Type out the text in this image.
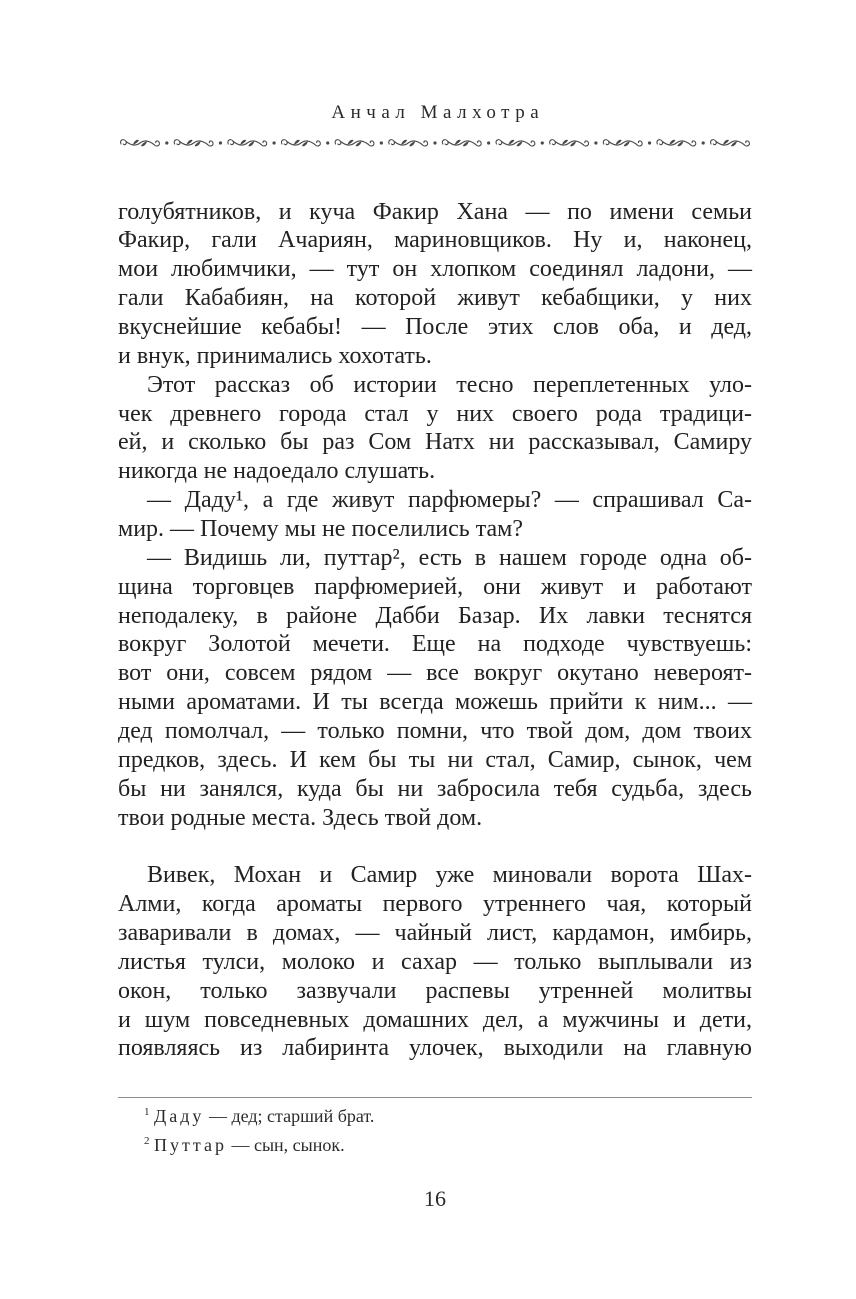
Анчал Малхотра
голубятников, и куча Факир Хана — по имени семьи
Факир, гали Ачариян, мариновщиков. Ну и, наконец,
мои любимчики, — тут он хлопком соединял ладони, —
гали Кабабиян, на которой живут кебабщики, у них
вкуснейшие кебабы! — После этих слов оба, и дед,
и внук, принимались хохотать.
Этот рассказ об истории тесно переплетенных уло-
чек древнего города стал у них своего рода традици-
ей, и сколько бы раз Сом Натх ни рассказывал, Самиру
никогда не надоедало слушать.
— Даду¹, а где живут парфюмеры? — спрашивал Са-
мир. — Почему мы не поселились там?
— Видишь ли, путтар², есть в нашем городе одна об-
щина торговцев парфюмерией, они живут и работают
неподалеку, в районе Дабби Базар. Их лавки теснятся
вокруг Золотой мечети. Еще на подходе чувствуешь:
вот они, совсем рядом — все вокруг окутано невероят-
ными ароматами. И ты всегда можешь прийти к ним... —
дед помолчал, — только помни, что твой дом, дом твоих
предков, здесь. И кем бы ты ни стал, Самир, сынок, чем
бы ни занялся, куда бы ни забросила тебя судьба, здесь
твои родные места. Здесь твой дом.
Вивек, Мохан и Самир уже миновали ворота Шах-
Алми, когда ароматы первого утреннего чая, который
заваривали в домах, — чайный лист, кардамон, имбирь,
листья тулси, молоко и сахар — только выплывали из
окон, только зазвучали распевы утренней молитвы
и шум повседневных домашних дел, а мужчины и дети,
появляясь из лабиринта улочек, выходили на главную
$^1$ Даду — дед; старший брат.
$^2$ Путтар — сын, сынок.
16
